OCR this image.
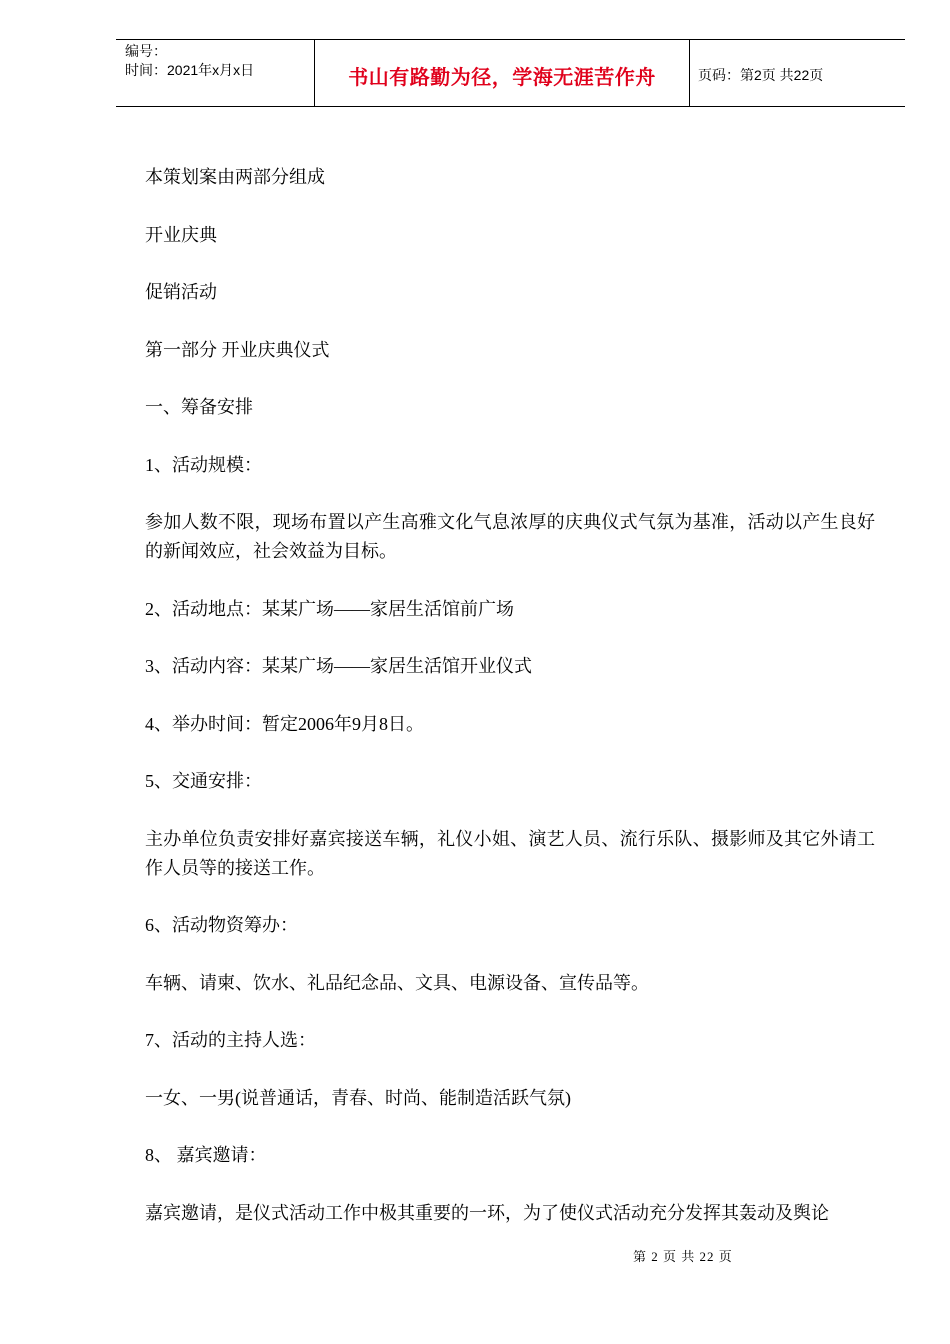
编号：
时间：2021年x月x日	书山有路勤为径，学海无涯苦作舟	页码：第2页 共22页

本策划案由两部分组成

开业庆典

促销活动

第一部分 开业庆典仪式

一、筹备安排

1、活动规模：

参加人数不限，现场布置以产生高雅文化气息浓厚的庆典仪式气氛为基准，活动以产生良好的新闻效应，社会效益为目标。

2、活动地点：某某广场——家居生活馆前广场

3、活动内容：某某广场——家居生活馆开业仪式

4、举办时间：暂定2006年9月8日。

5、交通安排：

主办单位负责安排好嘉宾接送车辆，礼仪小姐、演艺人员、流行乐队、摄影师及其它外请工作人员等的接送工作。

6、活动物资筹办：

车辆、请柬、饮水、礼品纪念品、文具、电源设备、宣传品等。

7、活动的主持人选：

一女、一男(说普通话，青春、时尚、能制造活跃气氛)

8、 嘉宾邀请：

嘉宾邀请，是仪式活动工作中极其重要的一环，为了使仪式活动充分发挥其轰动及舆论

第 2 页 共 22 页
